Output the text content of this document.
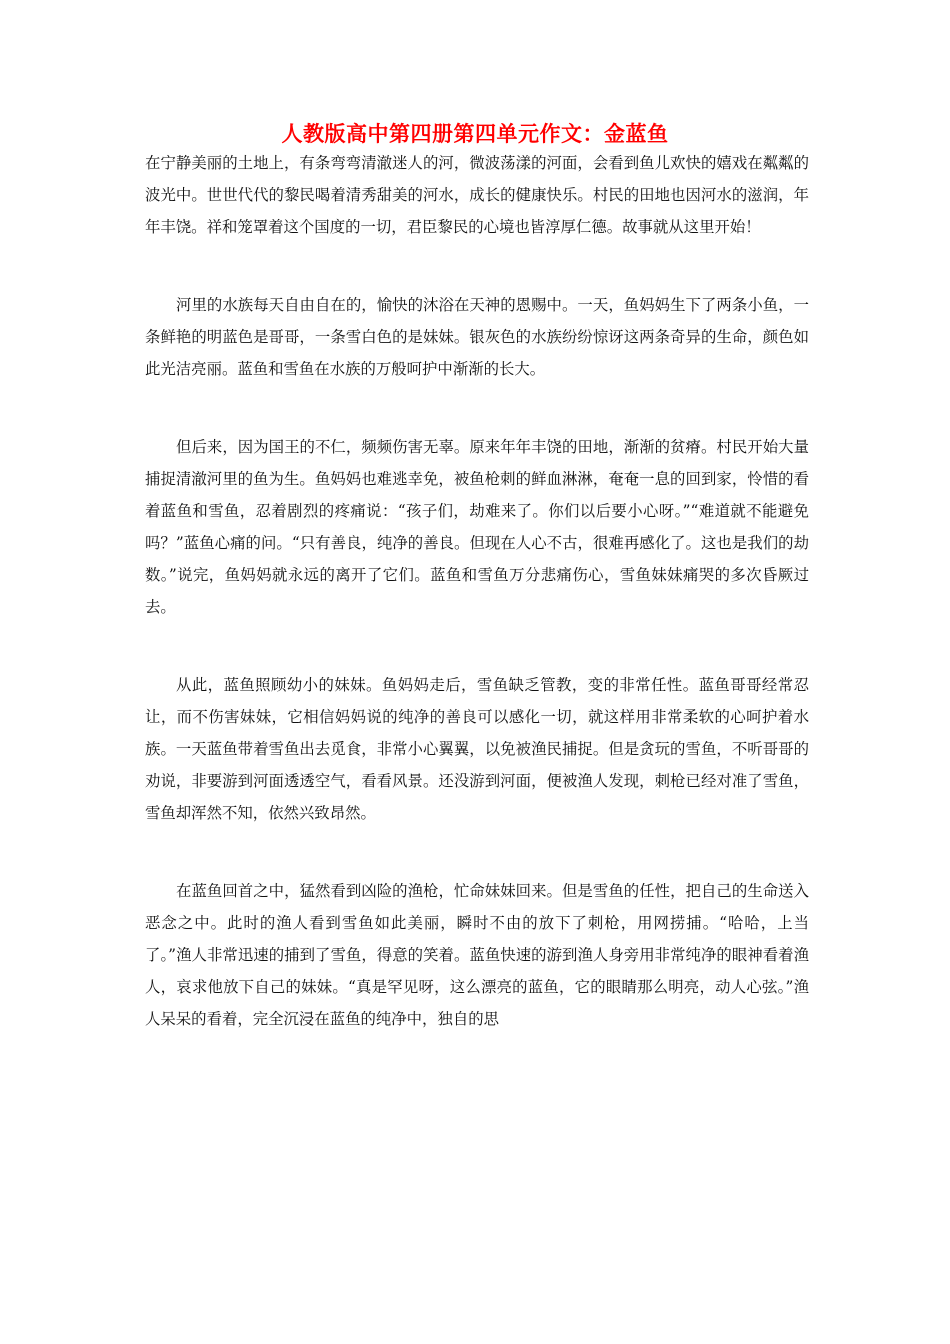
人教版高中第四册第四单元作文：金蓝鱼

在宁静美丽的土地上，有条弯弯清澈迷人的河，微波荡漾的河面，会看到鱼儿欢快的嬉戏在粼粼的波光中。世世代代的黎民喝着清秀甜美的河水，成长的健康快乐。村民的田地也因河水的滋润，年年丰饶。祥和笼罩着这个国度的一切，君臣黎民的心境也皆淳厚仁德。故事就从这里开始！

河里的水族每天自由自在的，愉快的沐浴在天神的恩赐中。一天，鱼妈妈生下了两条小鱼，一条鲜艳的明蓝色是哥哥，一条雪白色的是妹妹。银灰色的水族纷纷惊讶这两条奇异的生命，颜色如此光洁亮丽。蓝鱼和雪鱼在水族的万般呵护中渐渐的长大。

但后来，因为国王的不仁，频频伤害无辜。原来年年丰饶的田地，渐渐的贫瘠。村民开始大量捕捉清澈河里的鱼为生。鱼妈妈也难逃幸免，被鱼枪刺的鲜血淋淋，奄奄一息的回到家，怜惜的看着蓝鱼和雪鱼，忍着剧烈的疼痛说：“孩子们，劫难来了。你们以后要小心呀。”“难道就不能避免吗？”蓝鱼心痛的问。“只有善良，纯净的善良。但现在人心不古，很难再感化了。这也是我们的劫数。”说完，鱼妈妈就永远的离开了它们。蓝鱼和雪鱼万分悲痛伤心，雪鱼妹妹痛哭的多次昏厥过去。

从此，蓝鱼照顾幼小的妹妹。鱼妈妈走后，雪鱼缺乏管教，变的非常任性。蓝鱼哥哥经常忍让，而不伤害妹妹，它相信妈妈说的纯净的善良可以感化一切，就这样用非常柔软的心呵护着水族。一天蓝鱼带着雪鱼出去觅食，非常小心翼翼，以免被渔民捕捉。但是贪玩的雪鱼，不听哥哥的劝说，非要游到河面透透空气，看看风景。还没游到河面，便被渔人发现，刺枪已经对准了雪鱼，雪鱼却浑然不知，依然兴致昂然。

在蓝鱼回首之中，猛然看到凶险的渔枪，忙命妹妹回来。但是雪鱼的任性，把自己的生命送入恶念之中。此时的渔人看到雪鱼如此美丽，瞬时不由的放下了刺枪，用网捞捕。“哈哈，上当了。”渔人非常迅速的捕到了雪鱼，得意的笑着。蓝鱼快速的游到渔人身旁用非常纯净的眼神看着渔人，哀求他放下自己的妹妹。“真是罕见呀，这么漂亮的蓝鱼，它的眼睛那么明亮，动人心弦。”渔人呆呆的看着，完全沉浸在蓝鱼的纯净中，独自的思
